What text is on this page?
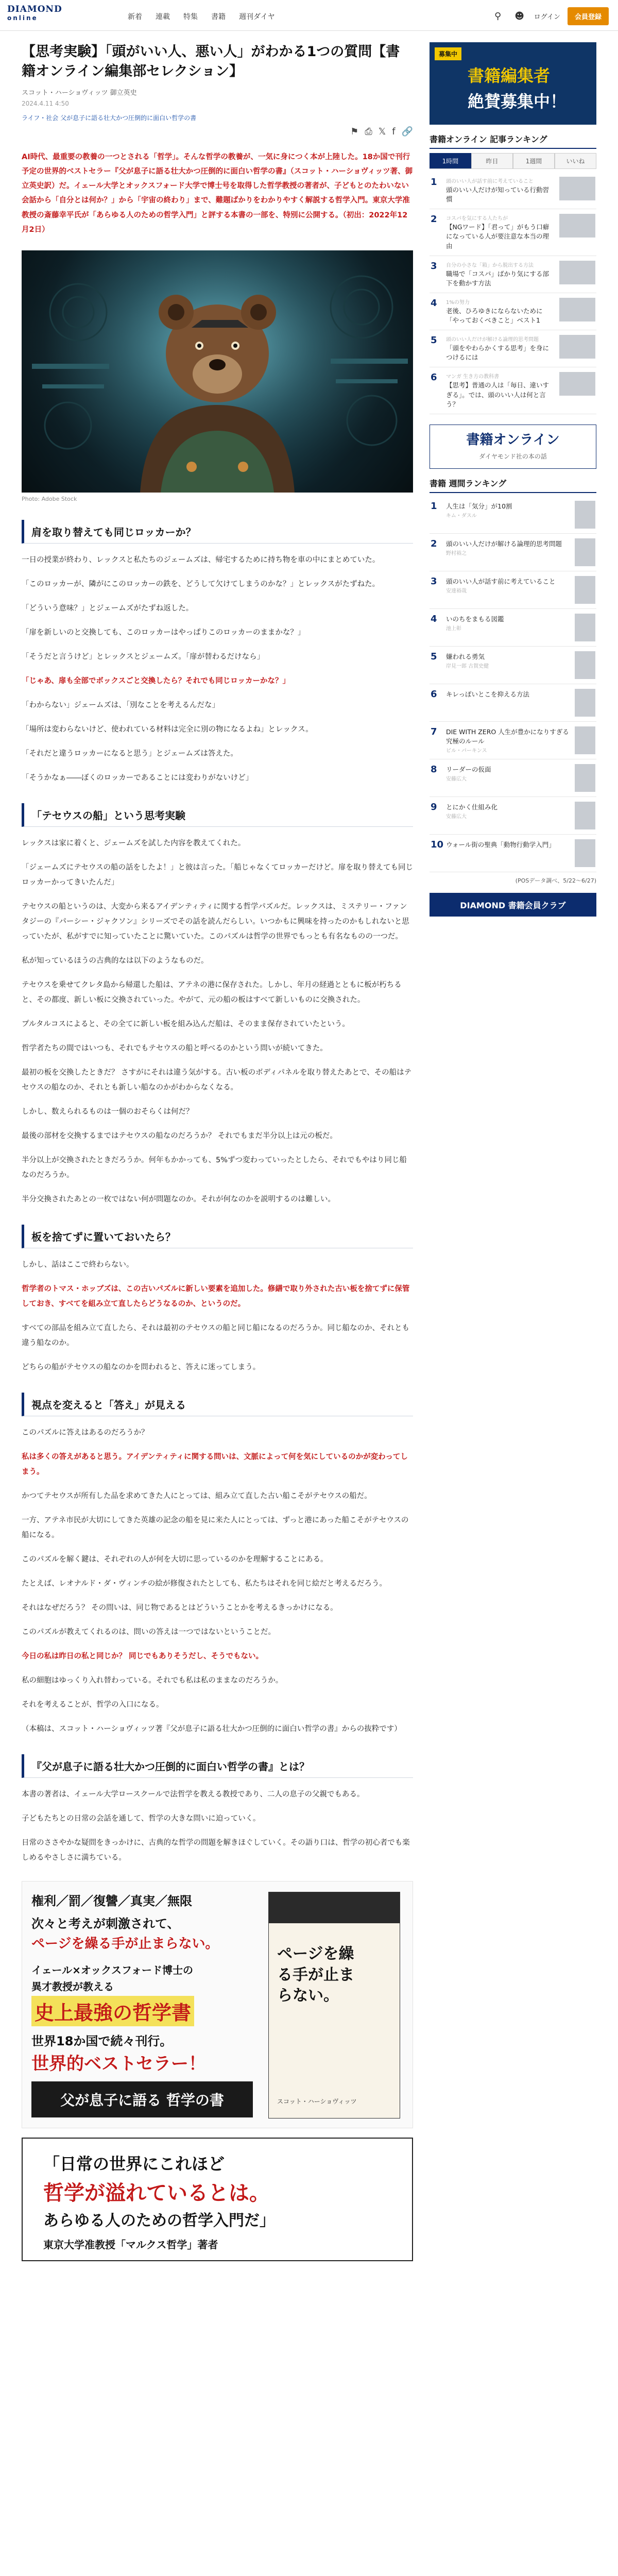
DIAMOND
online	新着 連載 特集 書籍 週刊ダイヤ	⚲	☻	ログイン	会員登録
【思考実験】「頭がいい人、悪い人」がわかる1つの質問【書籍オンライン編集部セレクション】
スコット・ハーショヴィッツ 御立英史
2024.4.11 4:50
ライフ・社会 父が息子に語る壮大かつ圧倒的に面白い哲学の書
⚑ ⎙ 𝕏 f 🔗

AI時代、最重要の教養の一つとされる「哲学」。そんな哲学の教養が、一気に身につく本が上陸した。18か国で刊行予定の世界的ベストセラー『父が息子に語る壮大かつ圧倒的に面白い哲学の書』（スコット・ハーショヴィッツ著、御立英史訳）だ。イェール大学とオックスフォード大学で博士号を取得した哲学教授の著者が、子どもとのたわいない会話から「自分とは何か？」から「宇宙の終わり」まで、難題ばかりをわかりやすく解説する哲学入門。東京大学准教授の斎藤幸平氏が「あらゆる人のための哲学入門」と評する本書の一部を、特別に公開する。（初出：2022年12月2日）

Photo: Adobe Stock
肩を取り替えても同じロッカーか？

一日の授業が終わり、レックスと私たちのジェームズは、帰宅するために持ち物を車の中にまとめていた。

「このロッカーが、隣がにこのロッカーの鉄を、どうして欠けてしまうのかな？」とレックスがたずねた。

「どういう意味？」とジェームズがたずね返した。

「扉を新しいのと交換しても、このロッカーはやっぱりこのロッカーのままかな？」

「そうだと言うけど」とレックスとジェームズ。「扉が替わるだけなら」

「じゃあ、扉も全部でボックスごと交換したら？それでも同じロッカーかな？」

「わからない」ジェームズは、「別なことを考えるんだな」

「場所は変わらないけど、使われている材料は完全に別の物になるよね」とレックス。

「それだと違うロッカーになると思う」とジェームズは答えた。

「そうかなぁ――ぼくのロッカーであることには変わりがないけど」

「テセウスの船」という思考実験

レックスは家に着くと、ジェームズを試した内容を教えてくれた。

「ジェームズにテセウスの船の話をしたよ！」と彼は言った。「船じゃなくてロッカーだけど。扉を取り替えても同じロッカーかってきいたんだ」

テセウスの船というのは、大変から来るアイデンティティに関する哲学パズルだ。レックスは、ミステリー・ファンタジーの『パーシー・ジャクソン』シリーズでその話を読んだらしい。いつかもに興味を持ったのかもしれないと思っていたが、私がすでに知っていたことに驚いていた。このパズルは哲学の世界でもっとも有名なものの一つだ。

私が知っているほうの古典的なは以下のようなものだ。

テセウスを乗せてクレタ島から帰還した船は、アテネの港に保存された。しかし、年月の経過とともに板が朽ちると、その都度、新しい板に交換されていった。やがて、元の船の板はすべて新しいものに交換された。

プルタルコスによると、その全てに新しい板を組み込んだ船は、そのまま保存されていたという。

哲学者たちの間ではいつも、それでもテセウスの船と呼べるのかという問いが続いてきた。

最初の板を交換したときだ？ さすがにそれは違う気がする。古い板のボディパネルを取り替えたあとで、その船はテセウスの船なのか、それとも新しい船なのかがわからなくなる。

しかし、数えられるものは一個のおそらくは何だ？

最後の部材を交換するまではテセウスの船なのだろうか？ それでもまだ半分以上は元の板だ。

半分以上が交換されたときだろうか。何年もかかっても、5%ずつ変わっていったとしたら、それでもやはり同じ船なのだろうか。

半分交換されたあとの一枚ではない何が問題なのか。それが何なのかを説明するのは難しい。

板を捨てずに置いておいたら？

しかし、話はここで終わらない。

哲学者のトマス・ホッブズは、この古いパズルに新しい要素を追加した。修繕で取り外された古い板を捨てずに保管しておき、すべてを組み立て直したらどうなるのか、というのだ。

すべての部品を組み立て直したら、それは最初のテセウスの船と同じ船になるのだろうか。同じ船なのか、それとも違う船なのか。

どちらの船がテセウスの船なのかを問われると、答えに迷ってしまう。

視点を変えると「答え」が見える

このパズルに答えはあるのだろうか？

私は多くの答えがあると思う。アイデンティティに関する問いは、文脈によって何を気にしているのかが変わってしまう。

かつてテセウスが所有した品を求めてきた人にとっては、組み立て直した古い船こそがテセウスの船だ。

一方、アテネ市民が大切にしてきた英雄の記念の船を見に来た人にとっては、ずっと港にあった船こそがテセウスの船になる。

このパズルを解く鍵は、それぞれの人が何を大切に思っているのかを理解することにある。

たとえば、レオナルド・ダ・ヴィンチの絵が修復されたとしても、私たちはそれを同じ絵だと考えるだろう。

それはなぜだろう？ その問いは、同じ物であるとはどういうことかを考えるきっかけになる。

このパズルが教えてくれるのは、問いの答えは一つではないということだ。

今日の私は昨日の私と同じか？ 同じでもありそうだし、そうでもない。

私の細胞はゆっくり入れ替わっている。それでも私は私のままなのだろうか。

それを考えることが、哲学の入口になる。

（本稿は、スコット・ハーショヴィッツ著『父が息子に語る壮大かつ圧倒的に面白い哲学の書』からの抜粋です）

『父が息子に語る壮大かつ圧倒的に面白い哲学の書』とは？

本書の著者は、イェール大学ロースクールで法哲学を教える教授であり、二人の息子の父親でもある。

子どもたちとの日常の会話を通して、哲学の大きな問いに迫っていく。

日常のささやかな疑問をきっかけに、古典的な哲学の問題を解きほぐしていく。その語り口は、哲学の初心者でも楽しめるやさしさに満ちている。

権利／罰／復讐／真実／無限
次々と考えが刺激されて、
ページを繰る手が止まらない。
イェール×オックスフォード博士の
異才教授が教える
史上最強の哲学書
世界18か国で続々刊行。
世界的ベストセラー！
父が息子に語る 哲学の書
ページを繰る手が止まらない。
スコット・ハーショヴィッツ
「日常の世界にこれほど
哲学が溢れているとは。
あらゆる人のための哲学入門だ」
東京大学准教授「マルクス哲学」著者
募集中
書籍編集者
絶賛募集中！
書籍オンライン 記事ランキング
1時間	昨日	1週間	いいね
1	頭のいい人が話す前に考えていること
頭のいい人だけが知っている行動習慣
2	コスパを気にする人たちが
【NGワード】「君って」がもう口癖になっている人が要注意な本当の理由
3	自分の小さな「箱」から脱出する方法
職場で「コスパ」ばかり気にする部下を動かす方法
4	1%の努力
老後、ひろゆきにならないために「やっておくべきこと」ベスト1
5	頭のいい人だけが解ける論理的思考問題
「頭をやわらかくする思考」を身につけるには
6	マンガ 生き方の教科書
【思考】普通の人は「毎日、違いすぎる」。では、頭のいい人は何と言う？
書籍オンライン
ダイヤモンド社の本の話
書籍 週間ランキング
1	人生は「気分」が10割
キム・ダスル
2	頭のいい人だけが解ける論理的思考問題
野村裕之
3	頭のいい人が話す前に考えていること
安達裕哉
4	いのちをまもる図鑑
池上彰
5	嫌われる勇気
岸見一郎 古賀史健
6	キレっぽいとこを抑える方法
7	DIE WITH ZERO 人生が豊かになりすぎる究極のルール
ビル・パーキンス
8	リーダーの仮面
安藤広大
9	とにかく仕組み化
安藤広大
10 ウォール街の聖典「動物行動学入門」
(POSデータ調べ、5/22～6/27)
DIAMOND 書籍会員クラブ
